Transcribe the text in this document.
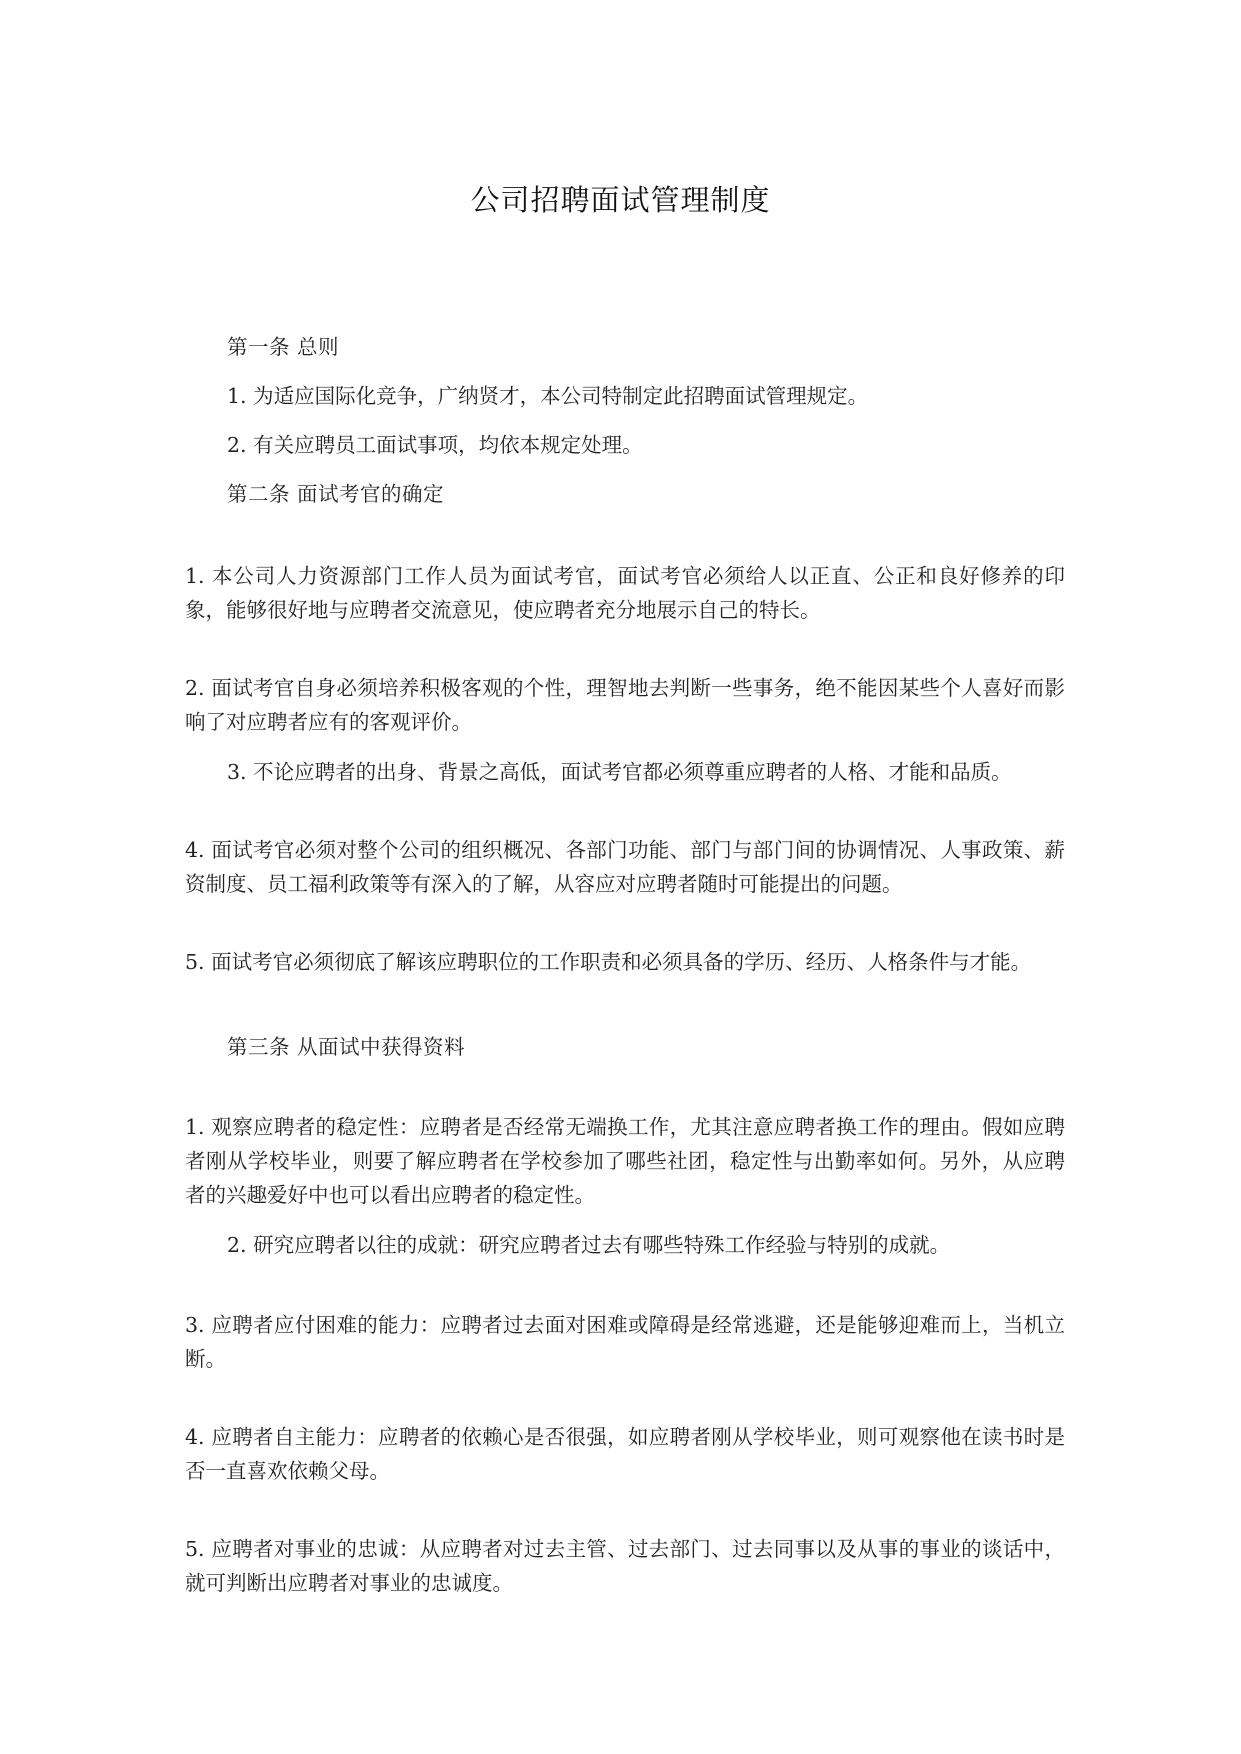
公司招聘面试管理制度
第一条 总则
1. 为适应国际化竞争，广纳贤才，本公司特制定此招聘面试管理规定。
2. 有关应聘员工面试事项，均依本规定处理。
第二条 面试考官的确定
1. 本公司人力资源部门工作人员为面试考官，面试考官必须给人以正直、公正和良好修养的印象，能够很好地与应聘者交流意见，使应聘者充分地展示自己的特长。
2. 面试考官自身必须培养积极客观的个性，理智地去判断一些事务，绝不能因某些个人喜好而影响了对应聘者应有的客观评价。
3. 不论应聘者的出身、背景之高低，面试考官都必须尊重应聘者的人格、才能和品质。
4. 面试考官必须对整个公司的组织概况、各部门功能、部门与部门间的协调情况、人事政策、薪资制度、员工福利政策等有深入的了解，从容应对应聘者随时可能提出的问题。
5. 面试考官必须彻底了解该应聘职位的工作职责和必须具备的学历、经历、人格条件与才能。
第三条 从面试中获得资料
1. 观察应聘者的稳定性：应聘者是否经常无端换工作，尤其注意应聘者换工作的理由。假如应聘者刚从学校毕业，则要了解应聘者在学校参加了哪些社团，稳定性与出勤率如何。另外，从应聘者的兴趣爱好中也可以看出应聘者的稳定性。
2. 研究应聘者以往的成就：研究应聘者过去有哪些特殊工作经验与特别的成就。
3. 应聘者应付困难的能力：应聘者过去面对困难或障碍是经常逃避，还是能够迎难而上，当机立断。
4. 应聘者自主能力：应聘者的依赖心是否很强，如应聘者刚从学校毕业，则可观察他在读书时是否一直喜欢依赖父母。
5. 应聘者对事业的忠诚：从应聘者对过去主管、过去部门、过去同事以及从事的事业的谈话中，就可判断出应聘者对事业的忠诚度。
